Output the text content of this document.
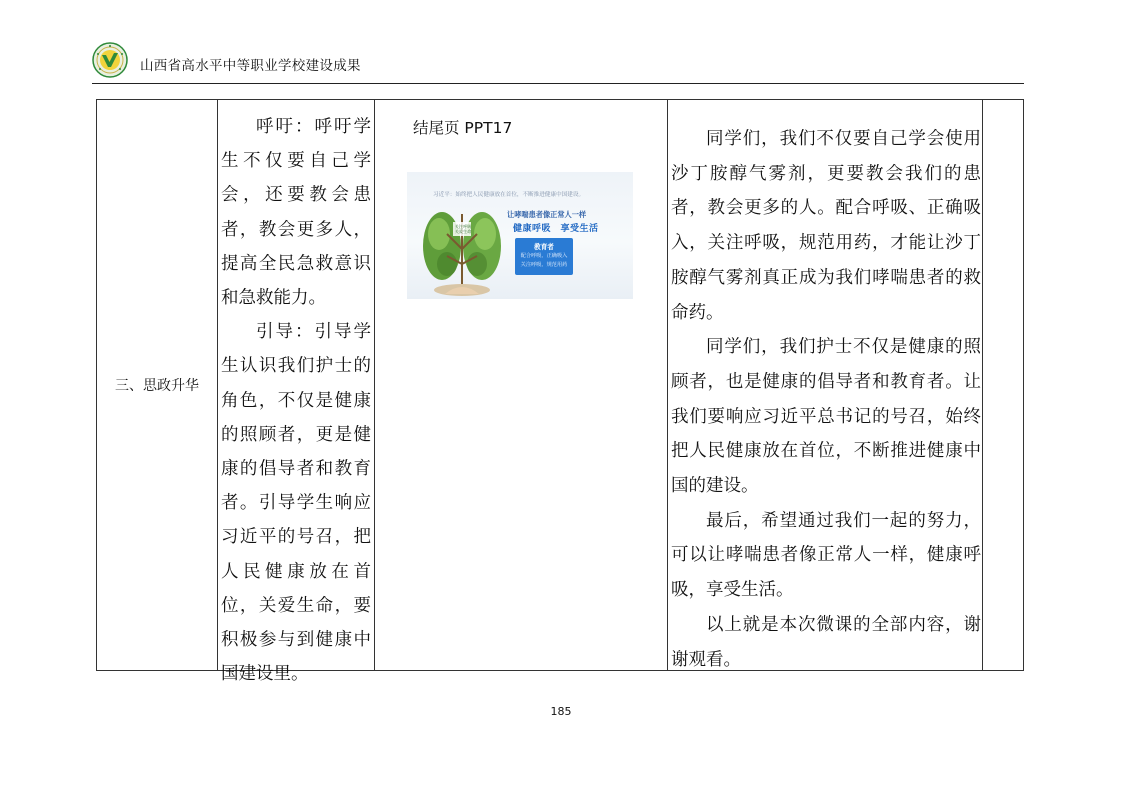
山西省高水平中等职业学校建设成果
三、思政升华

呼吁：呼吁学生不仅要自己学会，还要教会患者，教会更多人，提高全民急救意识和急救能力。

引导：引导学生认识我们护士的角色，不仅是健康的照顾者，更是健康的倡导者和教育者。引导学生响应习近平的号召，把人民健康放在首位，关爱生命，要积极参与到健康中国建设里。

结尾页 PPT17
习近平：始终把人民健康放在首位，不断推进健康中国建设。
关注呼吸 关爱生命
让哮喘患者像正常人一样
健康呼吸　享受生活
教育者
配合呼吸、正确吸入
关注呼吸、规范用药

同学们，我们不仅要自己学会使用沙丁胺醇气雾剂，更要教会我们的患者，教会更多的人。配合呼吸、正确吸入，关注呼吸，规范用药，才能让沙丁胺醇气雾剂真正成为我们哮喘患者的救命药。

同学们，我们护士不仅是健康的照顾者，也是健康的倡导者和教育者。让我们要响应习近平总书记的号召，始终把人民健康放在首位，不断推进健康中国的建设。

最后，希望通过我们一起的努力，可以让哮喘患者像正常人一样，健康呼吸，享受生活。

以上就是本次微课的全部内容，谢谢观看。

185
